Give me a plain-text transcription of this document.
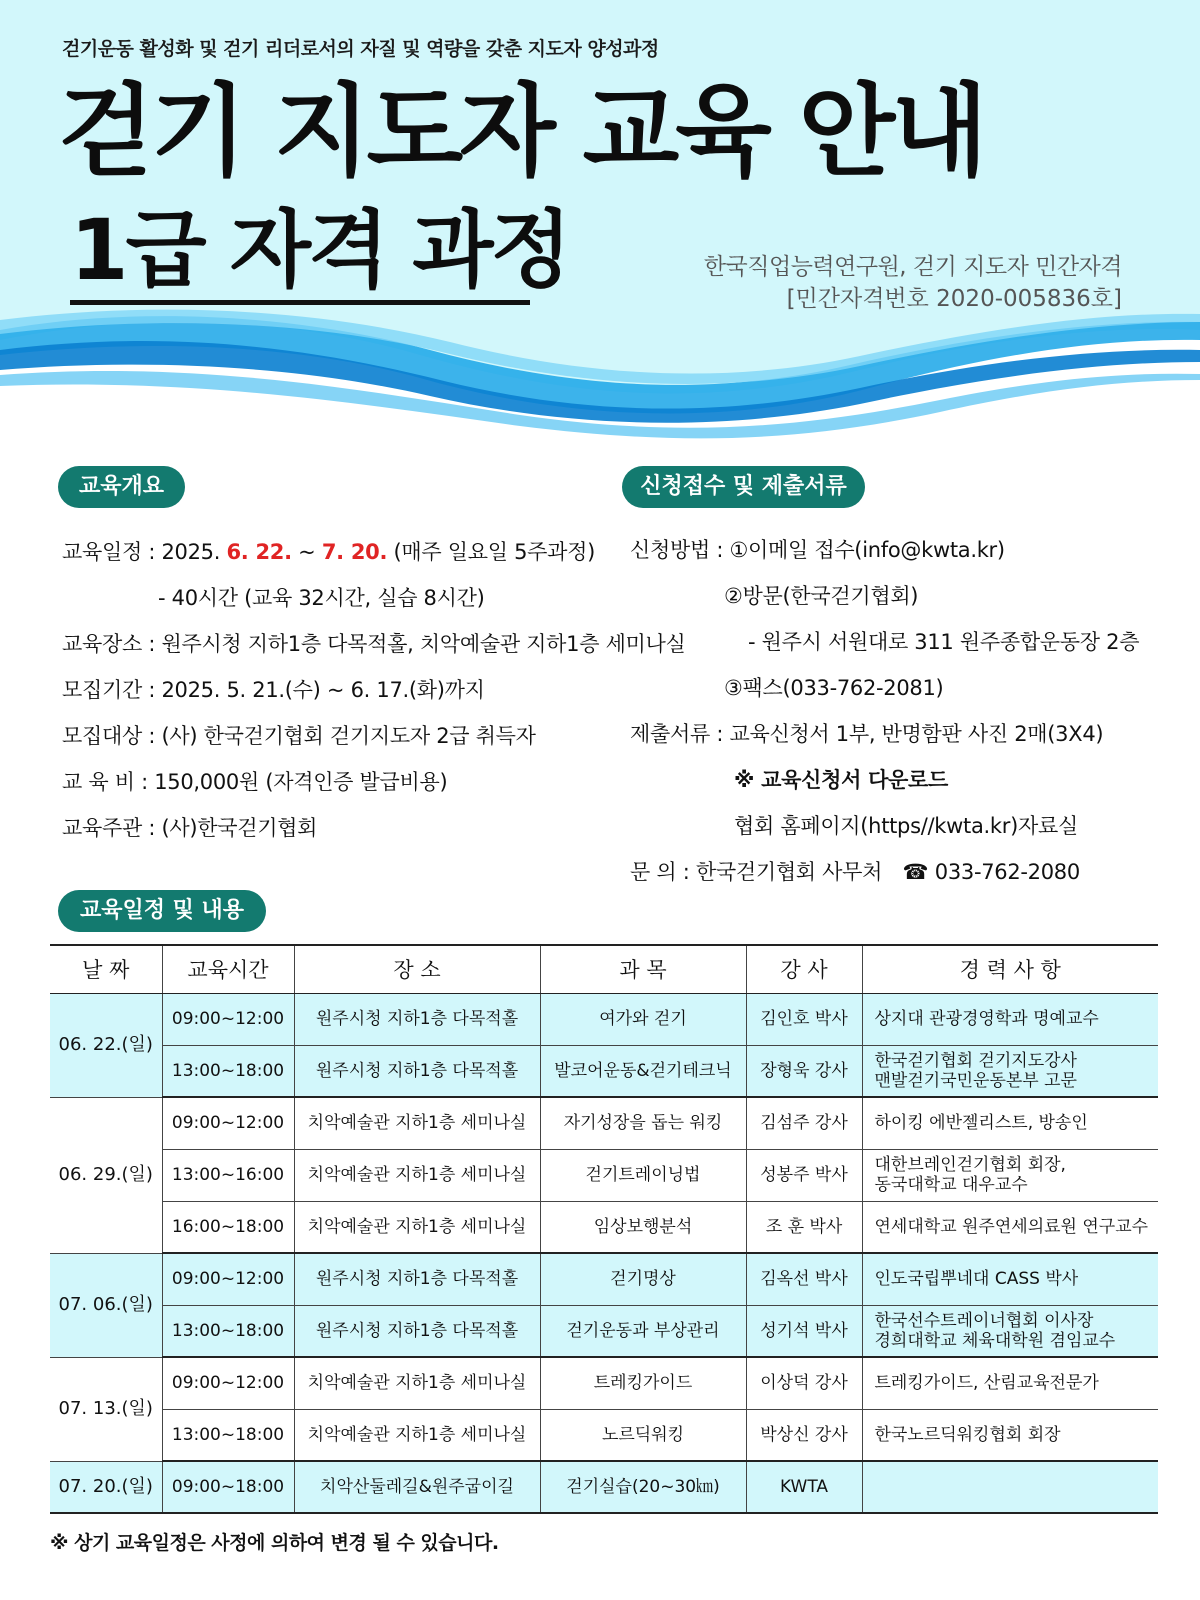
걷기운동 활성화 및 걷기 리더로서의 자질 및 역량을 갖춘 지도자 양성과정
걷기 지도자 교육 안내
1급 자격 과정	한국직업능력연구원, 걷기 지도자 민간자격
[민간자격번호 2020-005836호]
교육개요
교육일정 : 2025. 6. 22. ~ 7. 20. (매주 일요일 5주과정)
- 40시간 (교육 32시간, 실습 8시간)
교육장소 : 원주시청 지하1층 다목적홀, 치악예술관 지하1층 세미나실
모집기간 : 2025. 5. 21.(수) ~ 6. 17.(화)까지
모집대상 : (사) 한국걷기협회 걷기지도자 2급 취득자
교 육 비 : 150,000원 (자격인증 발급비용)
교육주관 : (사)한국걷기협회
신청접수 및 제출서류
신청방법 : ①이메일 접수(info@kwta.kr)
②방문(한국걷기협회)
- 원주시 서원대로 311 원주종합운동장 2층
③팩스(033-762-2081)
제출서류 : 교육신청서 1부, 반명함판 사진 2매(3X4)
※ 교육신청서 다운로드
협회 홈페이지(https//kwta.kr)자료실
문 의 : 한국걷기협회 사무처 ☎ 033-762-2080
교육일정 및 내용
날 짜	교육시간	장 소	과 목	강 사	경 력 사 항
06. 22.(일)	09:00~12:00	원주시청 지하1층 다목적홀	여가와 걷기	김인호 박사	상지대 관광경영학과 명예교수

	13:00~18:00	원주시청 지하1층 다목적홀	발코어운동&걷기테크닉	장형욱 강사	한국걷기협회 걷기지도강사
맨발걷기국민운동본부 고문

06. 29.(일)	09:00~12:00	치악예술관 지하1층 세미나실	자기성장을 돕는 워킹	김섬주 강사	하이킹 에반젤리스트, 방송인

	13:00~16:00	치악예술관 지하1층 세미나실	걷기트레이닝법	성봉주 박사	대한브레인걷기협회 회장,
동국대학교 대우교수

	16:00~18:00	치악예술관 지하1층 세미나실	임상보행분석	조 훈 박사	연세대학교 원주연세의료원 연구교수

07. 06.(일)	09:00~12:00	원주시청 지하1층 다목적홀	걷기명상	김옥선 박사	인도국립뿌네대 CASS 박사

	13:00~18:00	원주시청 지하1층 다목적홀	걷기운동과 부상관리	성기석 박사	한국선수트레이너협회 이사장
경희대학교 체육대학원 겸임교수

07. 13.(일)	09:00~12:00	치악예술관 지하1층 세미나실	트레킹가이드	이상덕 강사	트레킹가이드, 산림교육전문가

	13:00~18:00	치악예술관 지하1층 세미나실	노르딕워킹	박상신 강사	한국노르딕워킹협회 회장

07. 20.(일)	09:00~18:00	치악산둘레길&원주굽이길	걷기실습(20~30㎞)	KWTA	
※ 상기 교육일정은 사정에 의하여 변경 될 수 있습니다.
